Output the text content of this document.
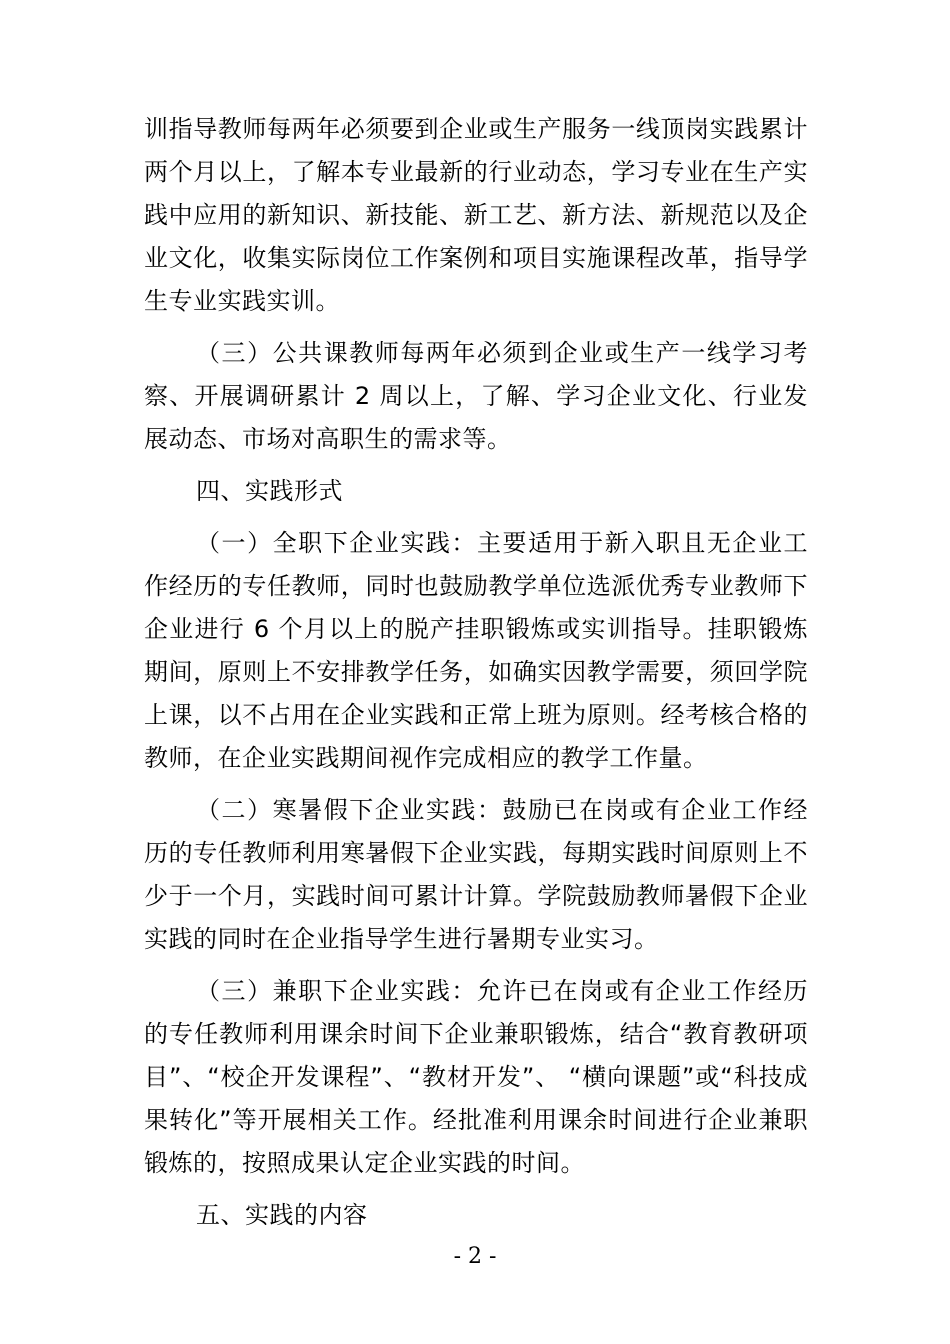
训指导教师每两年必须要到企业或生产服务一线顶岗实践累计两个月以上，了解本专业最新的行业动态，学习专业在生产实践中应用的新知识、新技能、新工艺、新方法、新规范以及企业文化，收集实际岗位工作案例和项目实施课程改革，指导学生专业实践实训。

（三）公共课教师每两年必须到企业或生产一线学习考察、开展调研累计 2 周以上，了解、学习企业文化、行业发展动态、市场对高职生的需求等。

四、实践形式

（一）全职下企业实践：主要适用于新入职且无企业工作经历的专任教师，同时也鼓励教学单位选派优秀专业教师下企业进行 6 个月以上的脱产挂职锻炼或实训指导。挂职锻炼期间，原则上不安排教学任务，如确实因教学需要，须回学院上课，以不占用在企业实践和正常上班为原则。经考核合格的教师，在企业实践期间视作完成相应的教学工作量。

（二）寒暑假下企业实践：鼓励已在岗或有企业工作经历的专任教师利用寒暑假下企业实践，每期实践时间原则上不少于一个月，实践时间可累计计算。学院鼓励教师暑假下企业实践的同时在企业指导学生进行暑期专业实习。

（三）兼职下企业实践：允许已在岗或有企业工作经历的专任教师利用课余时间下企业兼职锻炼，结合“教育教研项目”、“校企开发课程”、“教材开发”、 “横向课题”或“科技成果转化”等开展相关工作。经批准利用课余时间进行企业兼职锻炼的，按照成果认定企业实践的时间。

五、实践的内容

- 2 -
